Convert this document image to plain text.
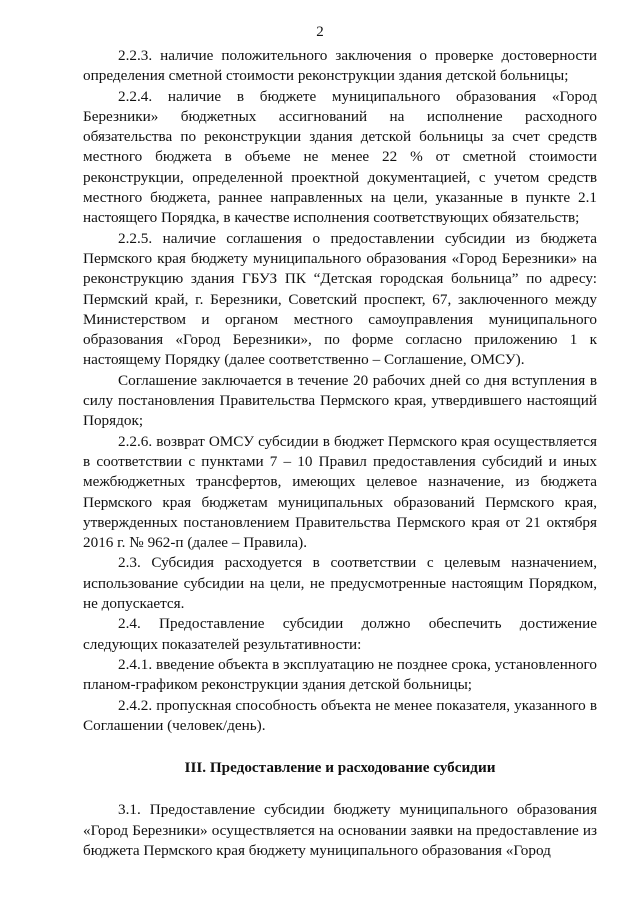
2

2.2.3. наличие положительного заключения о проверке достоверности определения сметной стоимости реконструкции здания детской больницы;

2.2.4. наличие в бюджете муниципального образования «Город Березники» бюджетных ассигнований на исполнение расходного обязательства по реконструкции здания детской больницы за счет средств местного бюджета в объеме не менее 22 % от сметной стоимости реконструкции, определенной проектной документацией, с учетом средств местного бюджета, раннее направленных на цели, указанные в пункте 2.1 настоящего Порядка, в качестве исполнения соответствующих обязательств;

2.2.5. наличие соглашения о предоставлении субсидии из бюджета Пермского края бюджету муниципального образования «Город Березники» на реконструкцию здания ГБУЗ ПК “Детская городская больница” по адресу: Пермский край, г. Березники, Советский проспект, 67, заключенного между Министерством и органом местного самоуправления муниципального образования «Город Березники», по форме согласно приложению 1 к настоящему Порядку (далее соответственно – Соглашение, ОМСУ).

Соглашение заключается в течение 20 рабочих дней со дня вступления в силу постановления Правительства Пермского края, утвердившего настоящий Порядок;

2.2.6. возврат ОМСУ субсидии в бюджет Пермского края осуществляется в соответствии с пунктами 7 – 10 Правил предоставления субсидий и иных межбюджетных трансфертов, имеющих целевое назначение, из бюджета Пермского края бюджетам муниципальных образований Пермского края, утвержденных постановлением Правительства Пермского края от 21 октября 2016 г. № 962-п (далее – Правила).

2.3. Субсидия расходуется в соответствии с целевым назначением, использование субсидии на цели, не предусмотренные настоящим Порядком, не допускается.

2.4. Предоставление субсидии должно обеспечить достижение следующих показателей результативности:

2.4.1. введение объекта в эксплуатацию не позднее срока, установленного планом-графиком реконструкции здания детской больницы;

2.4.2. пропускная способность объекта не менее показателя, указанного в Соглашении (человек/день).

III. Предоставление и расходование субсидии

3.1. Предоставление субсидии бюджету муниципального образования «Город Березники» осуществляется на основании заявки на предоставление из бюджета Пермского края бюджету муниципального образования «Город
